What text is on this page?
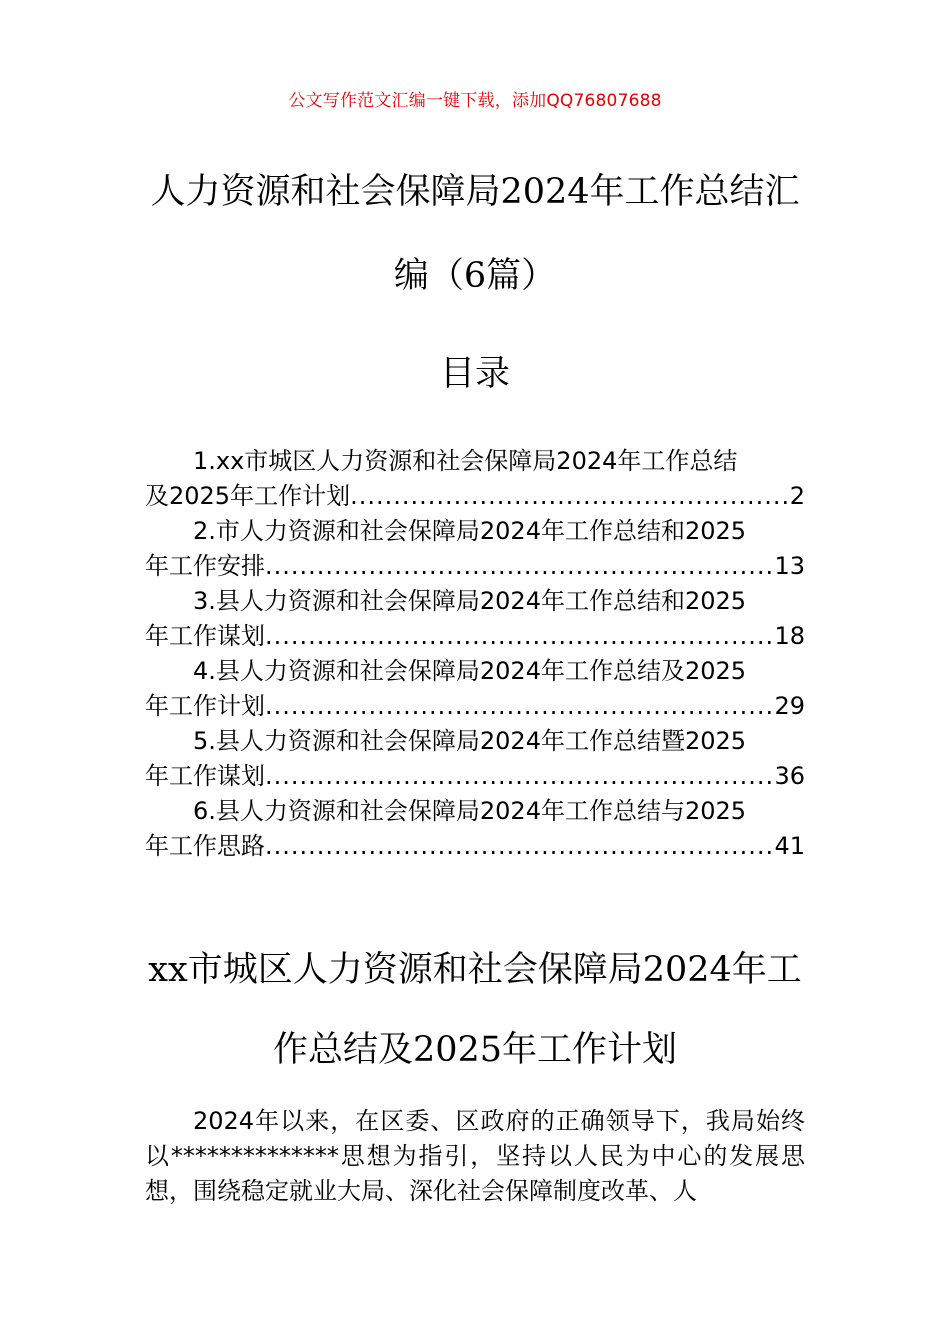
公文写作范文汇编一键下载，添加QQ76807688
人力资源和社会保障局2024年工作总结汇
编（6篇）
目录
1.xx市城区人力资源和社会保障局2024年工作总结
及2025年工作计划 .....	2
2.市人力资源和社会保障局2024年工作总结和2025
年工作安排 .....	13
3.县人力资源和社会保障局2024年工作总结和2025
年工作谋划 .....	18
4.县人力资源和社会保障局2024年工作总结及2025
年工作计划 .....	29
5.县人力资源和社会保障局2024年工作总结暨2025
年工作谋划 .....	36
6.县人力资源和社会保障局2024年工作总结与2025
年工作思路 .....	41
xx市城区人力资源和社会保障局2024年工
作总结及2025年工作计划
2024年以来，在区委、区政府的正确领导下，我局始终以**************思想为指引，坚持以人民为中心的发展思想，围绕稳定就业大局、深化社会保障制度改革、人
